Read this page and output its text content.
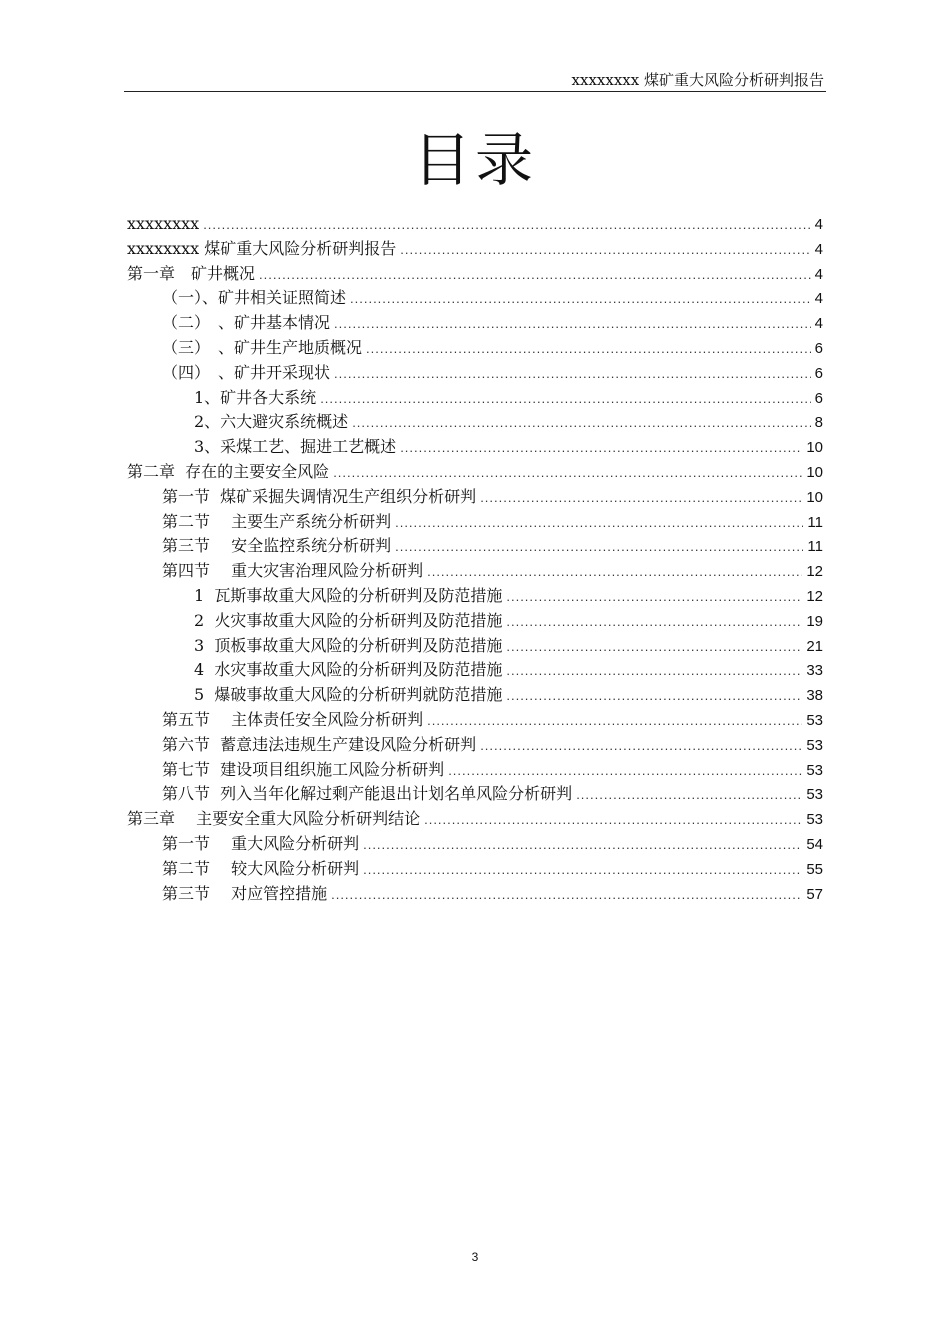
xxxxxxxx 煤矿重大风险分析研判报告
目录
xxxxxxxx .....	4
xxxxxxxx 煤矿重大风险分析研判报告 .....	4
第一章　矿井概况 .....	4
（一）、矿井相关证照简述 .....	4
（二）　、矿井基本情况 .....	4
（三）　、矿井生产地质概况 .....	6
（四）　、矿井开采现状 .....	6
1、矿井各大系统 .....	6
2、六大避灾系统概述 .....	8
3、采煤工艺、掘进工艺概述 .....	10
第二章  存在的主要安全风险 .....	10
第一节  煤矿采掘失调情况生产组织分析研判 .....	10
第二节　 主要生产系统分析研判 .....	11
第三节　 安全监控系统分析研判 .....	11
第四节　 重大灾害治理风险分析研判 .....	12
1  瓦斯事故重大风险的分析研判及防范措施 .....	12
2  火灾事故重大风险的分析研判及防范措施 .....	19
3  顶板事故重大风险的分析研判及防范措施 .....	21
4  水灾事故重大风险的分析研判及防范措施 .....	33
5  爆破事故重大风险的分析研判就防范措施 .....	38
第五节　 主体责任安全风险分析研判 .....	53
第六节  蓄意违法违规生产建设风险分析研判 .....	53
第七节  建设项目组织施工风险分析研判 .....	53
第八节  列入当年化解过剩产能退出计划名单风险分析研判 .....	53
第三章　 主要安全重大风险分析研判结论 .....	53
第一节　 重大风险分析研判 .....	54
第二节　 较大风险分析研判 .....	55
第三节　 对应管控措施 .....	57
3
